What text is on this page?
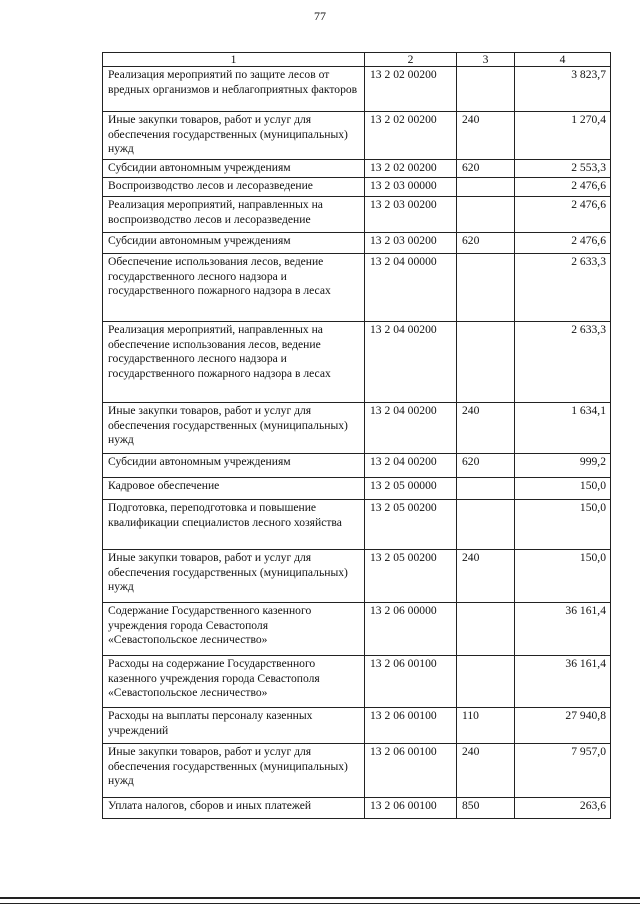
77
1	2	3	4
Реализация мероприятий по защите лесов от вредных организмов и неблагоприятных факторов	13 2 02 00200		3 823,7
Иные закупки товаров, работ и услуг для обеспечения государственных (муниципальных) нужд	13 2 02 00200	240	1 270,4
Субсидии автономным учреждениям	13 2 02 00200	620	2 553,3
Воспроизводство лесов и лесоразведение	13 2 03 00000		2 476,6
Реализация мероприятий, направленных на воспроизводство лесов и лесоразведение	13 2 03 00200		2 476,6
Субсидии автономным учреждениям	13 2 03 00200	620	2 476,6
Обеспечение использования лесов, ведение государственного лесного надзора и государственного пожарного надзора в лесах	13 2 04 00000		2 633,3
Реализация мероприятий, направленных на обеспечение использования лесов, ведение государственного лесного надзора и государственного пожарного надзора в лесах	13 2 04 00200		2 633,3
Иные закупки товаров, работ и услуг для обеспечения государственных (муниципальных) нужд	13 2 04 00200	240	1 634,1
Субсидии автономным учреждениям	13 2 04 00200	620	999,2
Кадровое обеспечение	13 2 05 00000		150,0
Подготовка, переподготовка и повышение квалификации специалистов лесного хозяйства	13 2 05 00200		150,0
Иные закупки товаров, работ и услуг для обеспечения государственных (муниципальных) нужд	13 2 05 00200	240	150,0
Содержание Государственного казенного учреждения города Севастополя «Севастопольское лесничество»	13 2 06 00000		36 161,4
Расходы на содержание Государственного казенного учреждения города Севастополя «Севастопольское лесничество»	13 2 06 00100		36 161,4
Расходы на выплаты персоналу казенных учреждений	13 2 06 00100	110	27 940,8
Иные закупки товаров, работ и услуг для обеспечения государственных (муниципальных) нужд	13 2 06 00100	240	7 957,0
Уплата налогов, сборов и иных платежей	13 2 06 00100	850	263,6
